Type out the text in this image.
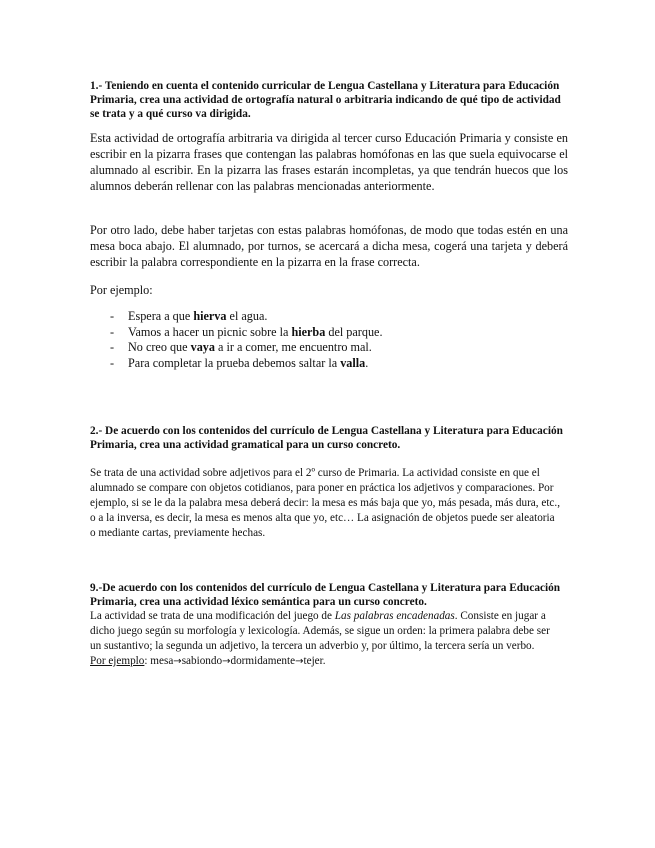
1.- Teniendo en cuenta el contenido curricular de Lengua Castellana y Literatura para Educación Primaria, crea una actividad de ortografía natural o arbitraria indicando de qué tipo de actividad se trata y a qué curso va dirigida.

Esta actividad de ortografía arbitraria va dirigida al tercer curso Educación Primaria y consiste en escribir en la pizarra frases que contengan las palabras homófonas en las que suela equivocarse el alumnado al escribir. En la pizarra las frases estarán incompletas, ya que tendrán huecos que los alumnos deberán rellenar con las palabras mencionadas anteriormente.

Por otro lado, debe haber tarjetas con estas palabras homófonas, de modo que todas estén en una mesa boca abajo. El alumnado, por turnos, se acercará a dicha mesa, cogerá una tarjeta y deberá escribir la palabra correspondiente en la pizarra en la frase correcta.

Por ejemplo:

- Espera a que hierva el agua.
- Vamos a hacer un picnic sobre la hierba del parque.
- No creo que vaya a ir a comer, me encuentro mal.
- Para completar la prueba debemos saltar la valla.

2.- De acuerdo con los contenidos del currículo de Lengua Castellana y Literatura para Educación Primaria, crea una actividad gramatical para un curso concreto.

Se trata de una actividad sobre adjetivos para el 2º curso de Primaria. La actividad consiste en que el alumnado se compare con objetos cotidianos, para poner en práctica los adjetivos y comparaciones. Por ejemplo, si se le da la palabra mesa deberá decir: la mesa es más baja que yo, más pesada, más dura, etc., o a la inversa, es decir, la mesa es menos alta que yo, etc… La asignación de objetos puede ser aleatoria o mediante cartas, previamente hechas.

9.-De acuerdo con los contenidos del currículo de Lengua Castellana y Literatura para Educación Primaria, crea una actividad léxico semántica para un curso concreto.

La actividad se trata de una modificación del juego de Las palabras encadenadas. Consiste en jugar a dicho juego según su morfología y lexicología. Además, se sigue un orden: la primera palabra debe ser un sustantivo; la segunda un adjetivo, la tercera un adverbio y, por último, la tercera sería un verbo.
Por ejemplo: mesa→sabiondo→dormidamente→tejer.
